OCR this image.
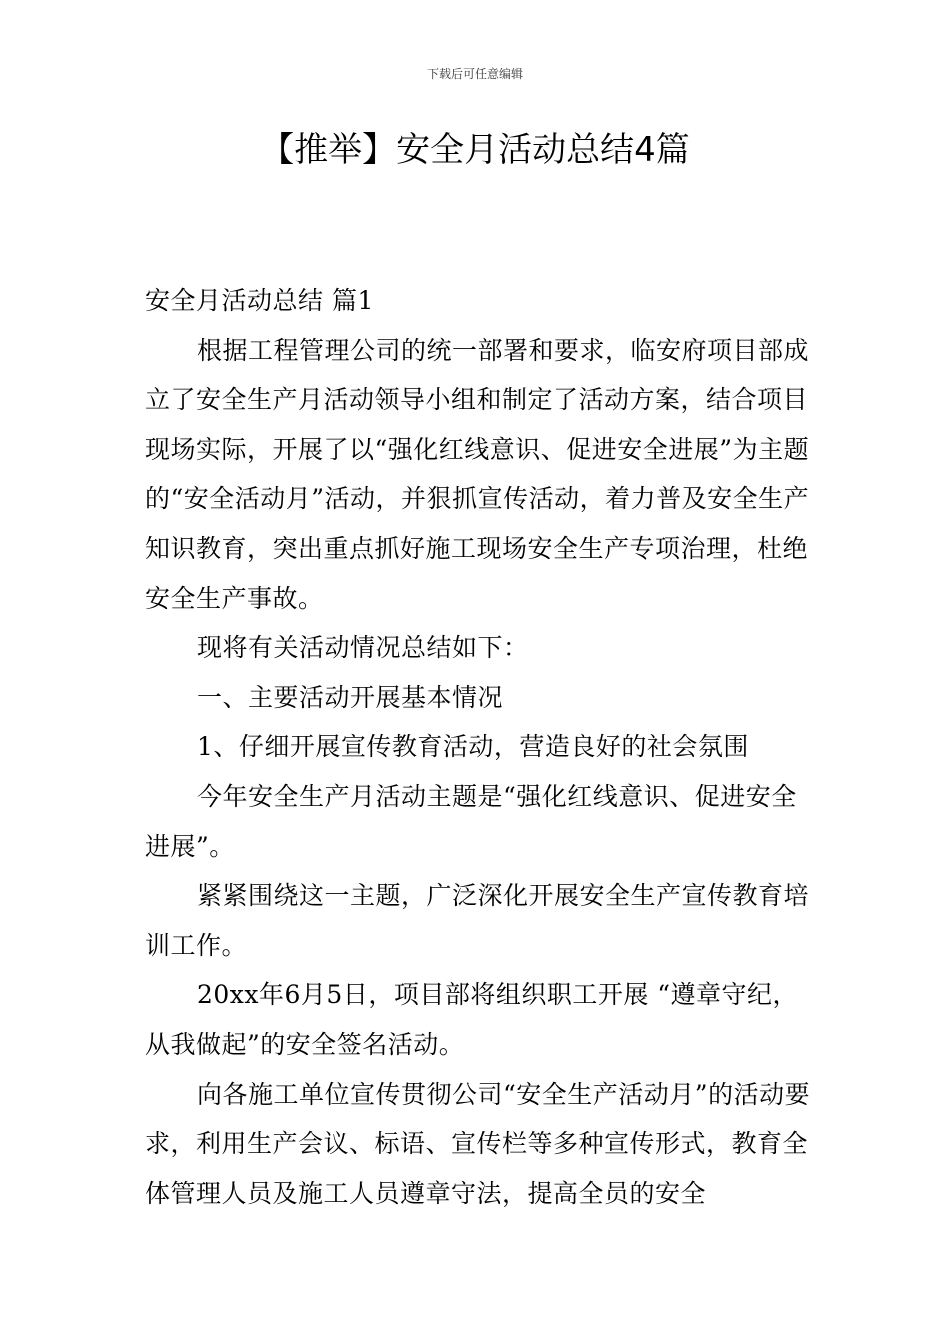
下载后可任意编辑
【推举】安全月活动总结4篇

安全月活动总结 篇1

根据工程管理公司的统一部署和要求，临安府项目部成立了安全生产月活动领导小组和制定了活动方案，结合项目现场实际，开展了以“强化红线意识、促进安全进展”为主题的“安全活动月”活动，并狠抓宣传活动，着力普及安全生产知识教育，突出重点抓好施工现场安全生产专项治理，杜绝安全生产事故。

现将有关活动情况总结如下：

一、主要活动开展基本情况

1、仔细开展宣传教育活动，营造良好的社会氛围

今年安全生产月活动主题是“强化红线意识、促进安全进展”。

紧紧围绕这一主题，广泛深化开展安全生产宣传教育培训工作。

20xx年6月5日，项目部将组织职工开展 “遵章守纪，从我做起”的安全签名活动。

向各施工单位宣传贯彻公司“安全生产活动月”的活动要求，利用生产会议、标语、宣传栏等多种宣传形式，教育全体管理人员及施工人员遵章守法，提高全员的安全
